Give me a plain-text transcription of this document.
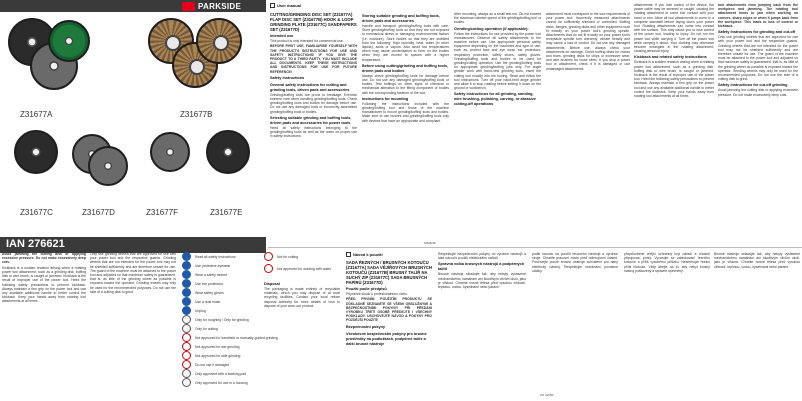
PARKSIDE
Z31677A	Z31677B
Z31677C	Z31677D	Z31677F	Z31677E
IAN 276621
User manual
CUTTING/GRINDING DISC SET (Z31677A) FLAP DISC SET (Z31677B) HOOK & LOOP GRINDING PLATE (Z31677C) SANDPAPERS SET (Z31677D)
Intended use

This product is only intended for commercial use.

BEFORE FIRST USE, FAMILIARISE YOURSELF WITH THE PRODUCT'S INSTRUCTIONS FOR USE AND SAFETY INSTRUCTIONS! IF YOU GIVE THE PRODUCT TO A THIRD PARTY, YOU MUST INCLUDE ALL DOCUMENTS. KEEP THESE INSTRUCTIONS AND INSTRUCTIONS FOR USE FOR FUTURE REFERENCE!

Safety instructions
General safety instructions for cutting and grinding tools, driven pads and accessories

Grinding/buffing tools are prone to breakage. Exercise extreme care when handling grinding/buffing tools. Check grinding/buffing tools and bodies for damage before use. Do not use any damaged tools or incorrectly assembled grinding/buffing tools or bodies.

Selecting suitable grinding and buffing tools, driven pads and accessories for power tools

Heed all safety instructions belonging to the grinding/buffing tools as well as the notes on proper use in safety instructions.

Storing suitable grinding and buffing tools, driven pads and accessories

Handle and transport grinding/buffing tools with care. Store grinding/buffing tools so that they are not exposed to mechanical stress or damaging environmental factors (i.e. moisture). Store bodies so that they are shielded from the following: High humidity, heat, water (in other liquids), acids or vapors. Also avoid low temperatures which may cause condensation to form on the bodies when they are moved to spaces with a higher temperature.

Before using cutting/grinding and buffing tools, driven pads and bodies

Always check grinding/buffing tools for damage before use. Do not use any damaged grinding/buffing tools or bodies. Test buffings on other signs of chemical or mechanical alteration to the fitting component of bodies with the corresponding fastener of the tool.

Instructions for mounting

Following the instructions included with the grinding/buffing tool and those of the machine manufacturer to mount grinding/buffing tools and bodies. Make sure to use bushes and grinding/buffing tools only with devices that have an appropriate and compliant.

After mounting, always do a small test run. Do not exceed the maximum labeled speed of the grinding/buffing tool or bodies.

Grinding/cutting operation (if applicable):

Follow the instructions for use provided by the power tool manufacturer. Observe all safety attachments to the machine before use. Use appropriate personal safety equipment depending on the machines and type of use, such as, protect face and eye wear, ear protectors, respiratory protection, safety shoes, safety gloves. Grinding/buffing tools and bodies to be used for grinding/cutting operation. Use the grinding/buffing tools for appropriate grinding/buffing jobs only. For angle grinder work with hand-held grinding tools, insert the cutting tool exactly into the tooling. Read and follow the tool instructions. Turn off your hand-held angle grinder and allow it to stop rotating before setting it down on the ground or workbench.

Safety instructions for all grinding, sanding, wire brushing, polishing, carving, or abrasive cutting-off operations

attachment must correspond to the size requirements of your power tool. Incorrectly measured attachments cannot be sufficiently shielded or controlled. Buffing disks, flanges, grinding disks and other equipment must fit exactly on your power tool's grinding spindle. Attachments that do not fit exactly on your power tool's receptacle spindle turn unevenly, vibrate heavily and may cause a loss of control. Do not use any damaged attachments. Before use, always check your attachments for damage. Check buffing disks for cracks and tears, grinding disks for chips or excessive wear, and wire brushes for loose wires. If you drop a power tool or attachment, check if it is damaged or use undamaged attachments.

attachments. If you lose control of the device, the power cable may be severed or caught, causing the rotating attachment to come into contact with your hand or arm. Allow all tool attachments to come to a complete standstill before laying down your power tool. Rotating attachments can come into contact with the surface. This may cause you to lose control of the power tool, leading to injury. Do not run the power tool while carrying it. Turn off the power tool while carrying it about. Your clothing may otherwise become entangled in the rotating attachment, causing personal injury.

Kickback and related safety instructions

Kickback is a sudden reaction arising when a rotating power tool attachment, such as a grinding disk, buffing disk or wire brush, is caught or jammed. Kickback is the result of improper use of the power tool. Heed the following safety precautions to prevent kickback. Always maintain a firm grip on the power tool and use any available additional handle to better control the kickback. Keep your hands away from rotating tool attachments at all times.

tool attachments from jumping back from the workpiece and jamming. The rotating tool attachment tends to jam when working on corners, sharp edges or when it jumps back from the workpiece. This leads to loss of control or kickback.

Safety instructions for grinding and cut-off

Only use grinding wheels that are approved for use with your power tool and the respective guards. Grinding wheels that are not intended for the power tool may not be shielded sufficiently and are therefore unsafe for use. The guard of the machine must be attached to the power tool and adjusted so that maximum safety is guaranteed, that is, as little of the grinding wheel as possible is exposed toward the operator. Grinding wheels may only be used for the recommended purposes. Do not use the side of a cutting disk to grind.

Safety instructions for cut-off grinding

Avoid jamming the cutting disk or applying excessive pressure. Do not make excessively deep cuts.

GB/IE/NI

Avoid jamming the cutting disk or applying excessive pressure. Do not make excessively deep cuts.

Kickback is a sudden reaction arising when a rotating power tool attachment, such as a grinding disk, buffing disk or wire brush, is caught or jammed. Kickback is the result of improper use of the power tool. Heed the following safety precautions to prevent kickback. Always maintain a firm grip on the power tool and use any available additional handle to better control the kickback. Keep your hands away from rotating tool attachments at all times.

Only use grinding wheels that are approved for use with your power tool and the respective guards. Grinding wheels that are not intended for the power tool may not be shielded sufficiently and are therefore unsafe for use. The guard of the machine must be attached to the power tool and adjusted so that maximum safety is guaranteed, that is, as little of the grinding wheel as possible is exposed toward the operator. Grinding wheels may only be used for the recommended purposes. Do not use the side of a cutting disk to grind.

Read all safety instructions
Use protective eyewear
Wear a safety helmet
Use ear protectors
Wear safety gloves
Use a dust mask
Unplug
Only for roughing / Only for grinding
Only for cutting
Not approved for handheld or manually guided grinding
Not approved for wet grinding
Not approved for side grinding
Do not use if damaged
Only approved with a backing pad
Only approved for use in a housing
Not for cutting
Not approved for working with water
Disposal

The packaging is made entirely of recyclable materials, which you may dispose of at local recycling facilities. Contact your local refuse disposal authority for more details of how to dispose of your worn-out product.

Návod k použití
SADA ŘEZNÝCH / BRUSNÝCH KOTOUČŮ (Z31677A) SADA VĚJÍŘOVÝCH BRUSNÝCH KOTOUČŮ (Z31677B) BRUSNÝ TALÍŘ NA SUCHÝ ZIP (Z31677C) SADA BRUSNÝCH PAPÍRŮ (Z31677D)
Použití podle předpisů

Přípravek slouží k profesionálnímu účelu.

PŘED PRVNÍM POUŽITÍM PRODUKTU SE DŮKLADNĚ SEZNAMTE SE VŠEMI OBSLUŽNÝMI A BEZPEČNOSTNÍMI POKYNY! PŘI PŘEDÁNÍ VÝROBKU TŘETÍ OSOBĚ PŘEDEJTE I VŠECHNY PODKLADY. USCHOVEJTE NÁVOD A POKYNY PRO POZDĚJŠÍ POUŽITÍ!

Bezpečnostní pokyny
Všeobecné bezpečnostní pokyny pro brusné prostředky na podložkách, podpěrné talíře a další brusné nástroje

Respektujte bezpečnostní pokyny od výrobce nástrojů a také návod k použití elektrického nářadí.

Správná volba brusných nástrojů a podpěrných talířů

Brusné nástroje skladujte tak, aby nebyly vystavené mechanickému namáhání ani škodlivým vlivům okolí, jako je vlhkost. Chraňte nosné tělesa před vysokou vlhkostí, teplotou, vodou, kyselinami nebo parami.

podle návodu na použití brusného nástroje a výrobce stroje. Chraňte pracovní místo před odletujícími částmi. Používejte pouze brusné nástroje schválené pro daný elektrický nástroj. Respektujte maximální povolené otáčky.

přizpůsobené vnější ochranný kryt nářadí a vhodné připojovací prvky. Vyvarujte se zablokování řezného kotouče a příliš vysokému přítlaku. Nesměrujte řezání příliš hluboko. Vždy dbejte na to, aby nebyl brusný nástroj poškozený a správně upevněný.

Brusné nástroje skladujte tak, aby nebyly vystavené mechanickému namáhání ani škodlivým vlivům okolí, jako je vlhkost. Chraňte nosné tělesa před vysokou vlhkostí, teplotou, vodou, kyselinami nebo parami.

CZ CZ/SK
